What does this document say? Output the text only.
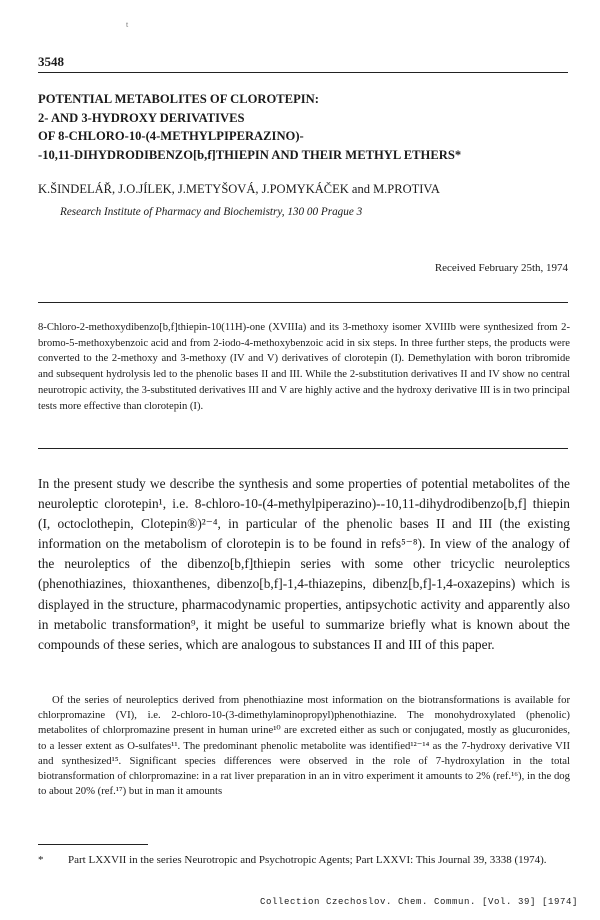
t
3548
POTENTIAL METABOLITES OF CLOROTEPIN:
2- AND 3-HYDROXY DERIVATIVES
OF 8-CHLORO-10-(4-METHYLPIPERAZINO)-
-10,11-DIHYDRODIBENZO[b,f]THIEPIN AND THEIR METHYL ETHERS*
K.ŠINDELÁŘ, J.O.JÍLEK, J.METYŠOVÁ, J.POMYKÁČEK and M.PROTIVA
Research Institute of Pharmacy and Biochemistry, 130 00 Prague 3
Received February 25th, 1974

8-Chloro-2-methoxydibenzo[b,f]thiepin-10(11H)-one (XVIIIa) and its 3-methoxy isomer XVIIIb were synthesized from 2-bromo-5-methoxybenzoic acid and from 2-iodo-4-methoxybenzoic acid in six steps. In three further steps, the products were converted to the 2-methoxy and 3-methoxy (IV and V) derivatives of clorotepin (I). Demethylation with boron tribromide and subsequent hydrolysis led to the phenolic bases II and III. While the 2-substitution derivatives II and IV show no central neurotropic activity, the 3-substituted derivatives III and V are highly active and the hydroxy derivative III is in two principal tests more effective than clorotepin (I).

In the present study we describe the synthesis and some properties of potential metabolites of the neuroleptic clorotepin¹, i.e. 8-chloro-10-(4-methylpiperazino)--10,11-dihydrodibenzo[b,f] thiepin (I, octoclothepin, Clotepin®)²⁻⁴, in particular of the phenolic bases II and III (the existing information on the metabolism of clorotepin is to be found in refs⁵⁻⁸). In view of the analogy of the neuroleptics of the dibenzo[b,f]thiepin series with some other tricyclic neuroleptics (phenothiazines, thioxanthenes, dibenzo[b,f]-1,4-thiazepins, dibenz[b,f]-1,4-oxazepins) which is displayed in the structure, pharmacodynamic properties, antipsychotic activity and apparently also in metabolic transformation⁹, it might be useful to summarize briefly what is known about the compounds of these series, which are analogous to substances II and III of this paper.

Of the series of neuroleptics derived from phenothiazine most information on the biotransformations is available for chlorpromazine (VI), i.e. 2-chloro-10-(3-dimethylaminopropyl)phenothiazine. The monohydroxylated (phenolic) metabolites of chlorpromazine present in human urine¹⁰ are excreted either as such or conjugated, mostly as glucuronides, to a lesser extent as O-sulfates¹¹. The predominant phenolic metabolite was identified¹²⁻¹⁴ as the 7-hydroxy derivative VII and synthesized¹⁵. Significant species differences were observed in the role of 7-hydroxylation in the total biotransformation of chlorpromazine: in a rat liver preparation in an in vitro experiment it amounts to 2% (ref.¹⁶), in the dog to about 20% (ref.¹⁷) but in man it amounts

* Part LXXVII in the series Neurotropic and Psychotropic Agents; Part LXXVI: This Journal 39, 3338 (1974).

Collection Czechoslov. Chem. Commun. [Vol. 39] [1974]
